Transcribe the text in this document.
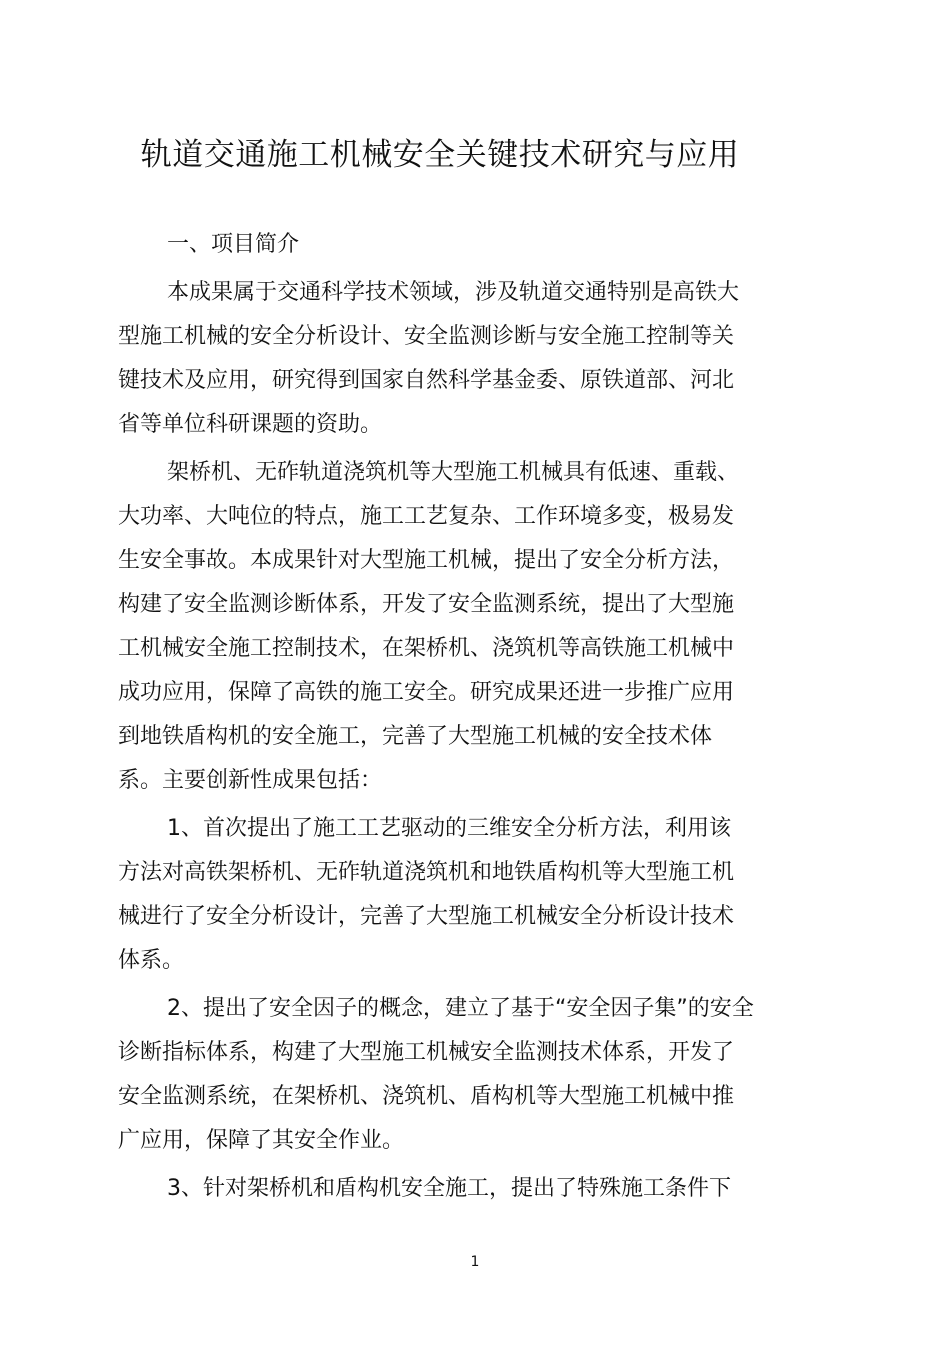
轨道交通施工机械安全关键技术研究与应用
一、项目简介
本成果属于交通科学技术领域，涉及轨道交通特别是高铁大
型施工机械的安全分析设计、安全监测诊断与安全施工控制等关
键技术及应用，研究得到国家自然科学基金委、原铁道部、河北
省等单位科研课题的资助。
架桥机、无砟轨道浇筑机等大型施工机械具有低速、重载、
大功率、大吨位的特点，施工工艺复杂、工作环境多变，极易发
生安全事故。本成果针对大型施工机械，提出了安全分析方法，
构建了安全监测诊断体系，开发了安全监测系统，提出了大型施
工机械安全施工控制技术，在架桥机、浇筑机等高铁施工机械中
成功应用，保障了高铁的施工安全。研究成果还进一步推广应用
到地铁盾构机的安全施工，完善了大型施工机械的安全技术体
系。主要创新性成果包括：
1、首次提出了施工工艺驱动的三维安全分析方法，利用该
方法对高铁架桥机、无砟轨道浇筑机和地铁盾构机等大型施工机
械进行了安全分析设计，完善了大型施工机械安全分析设计技术
体系。
2、提出了安全因子的概念，建立了基于“安全因子集”的安全
诊断指标体系，构建了大型施工机械安全监测技术体系，开发了
安全监测系统，在架桥机、浇筑机、盾构机等大型施工机械中推
广应用，保障了其安全作业。
3、针对架桥机和盾构机安全施工，提出了特殊施工条件下
1
